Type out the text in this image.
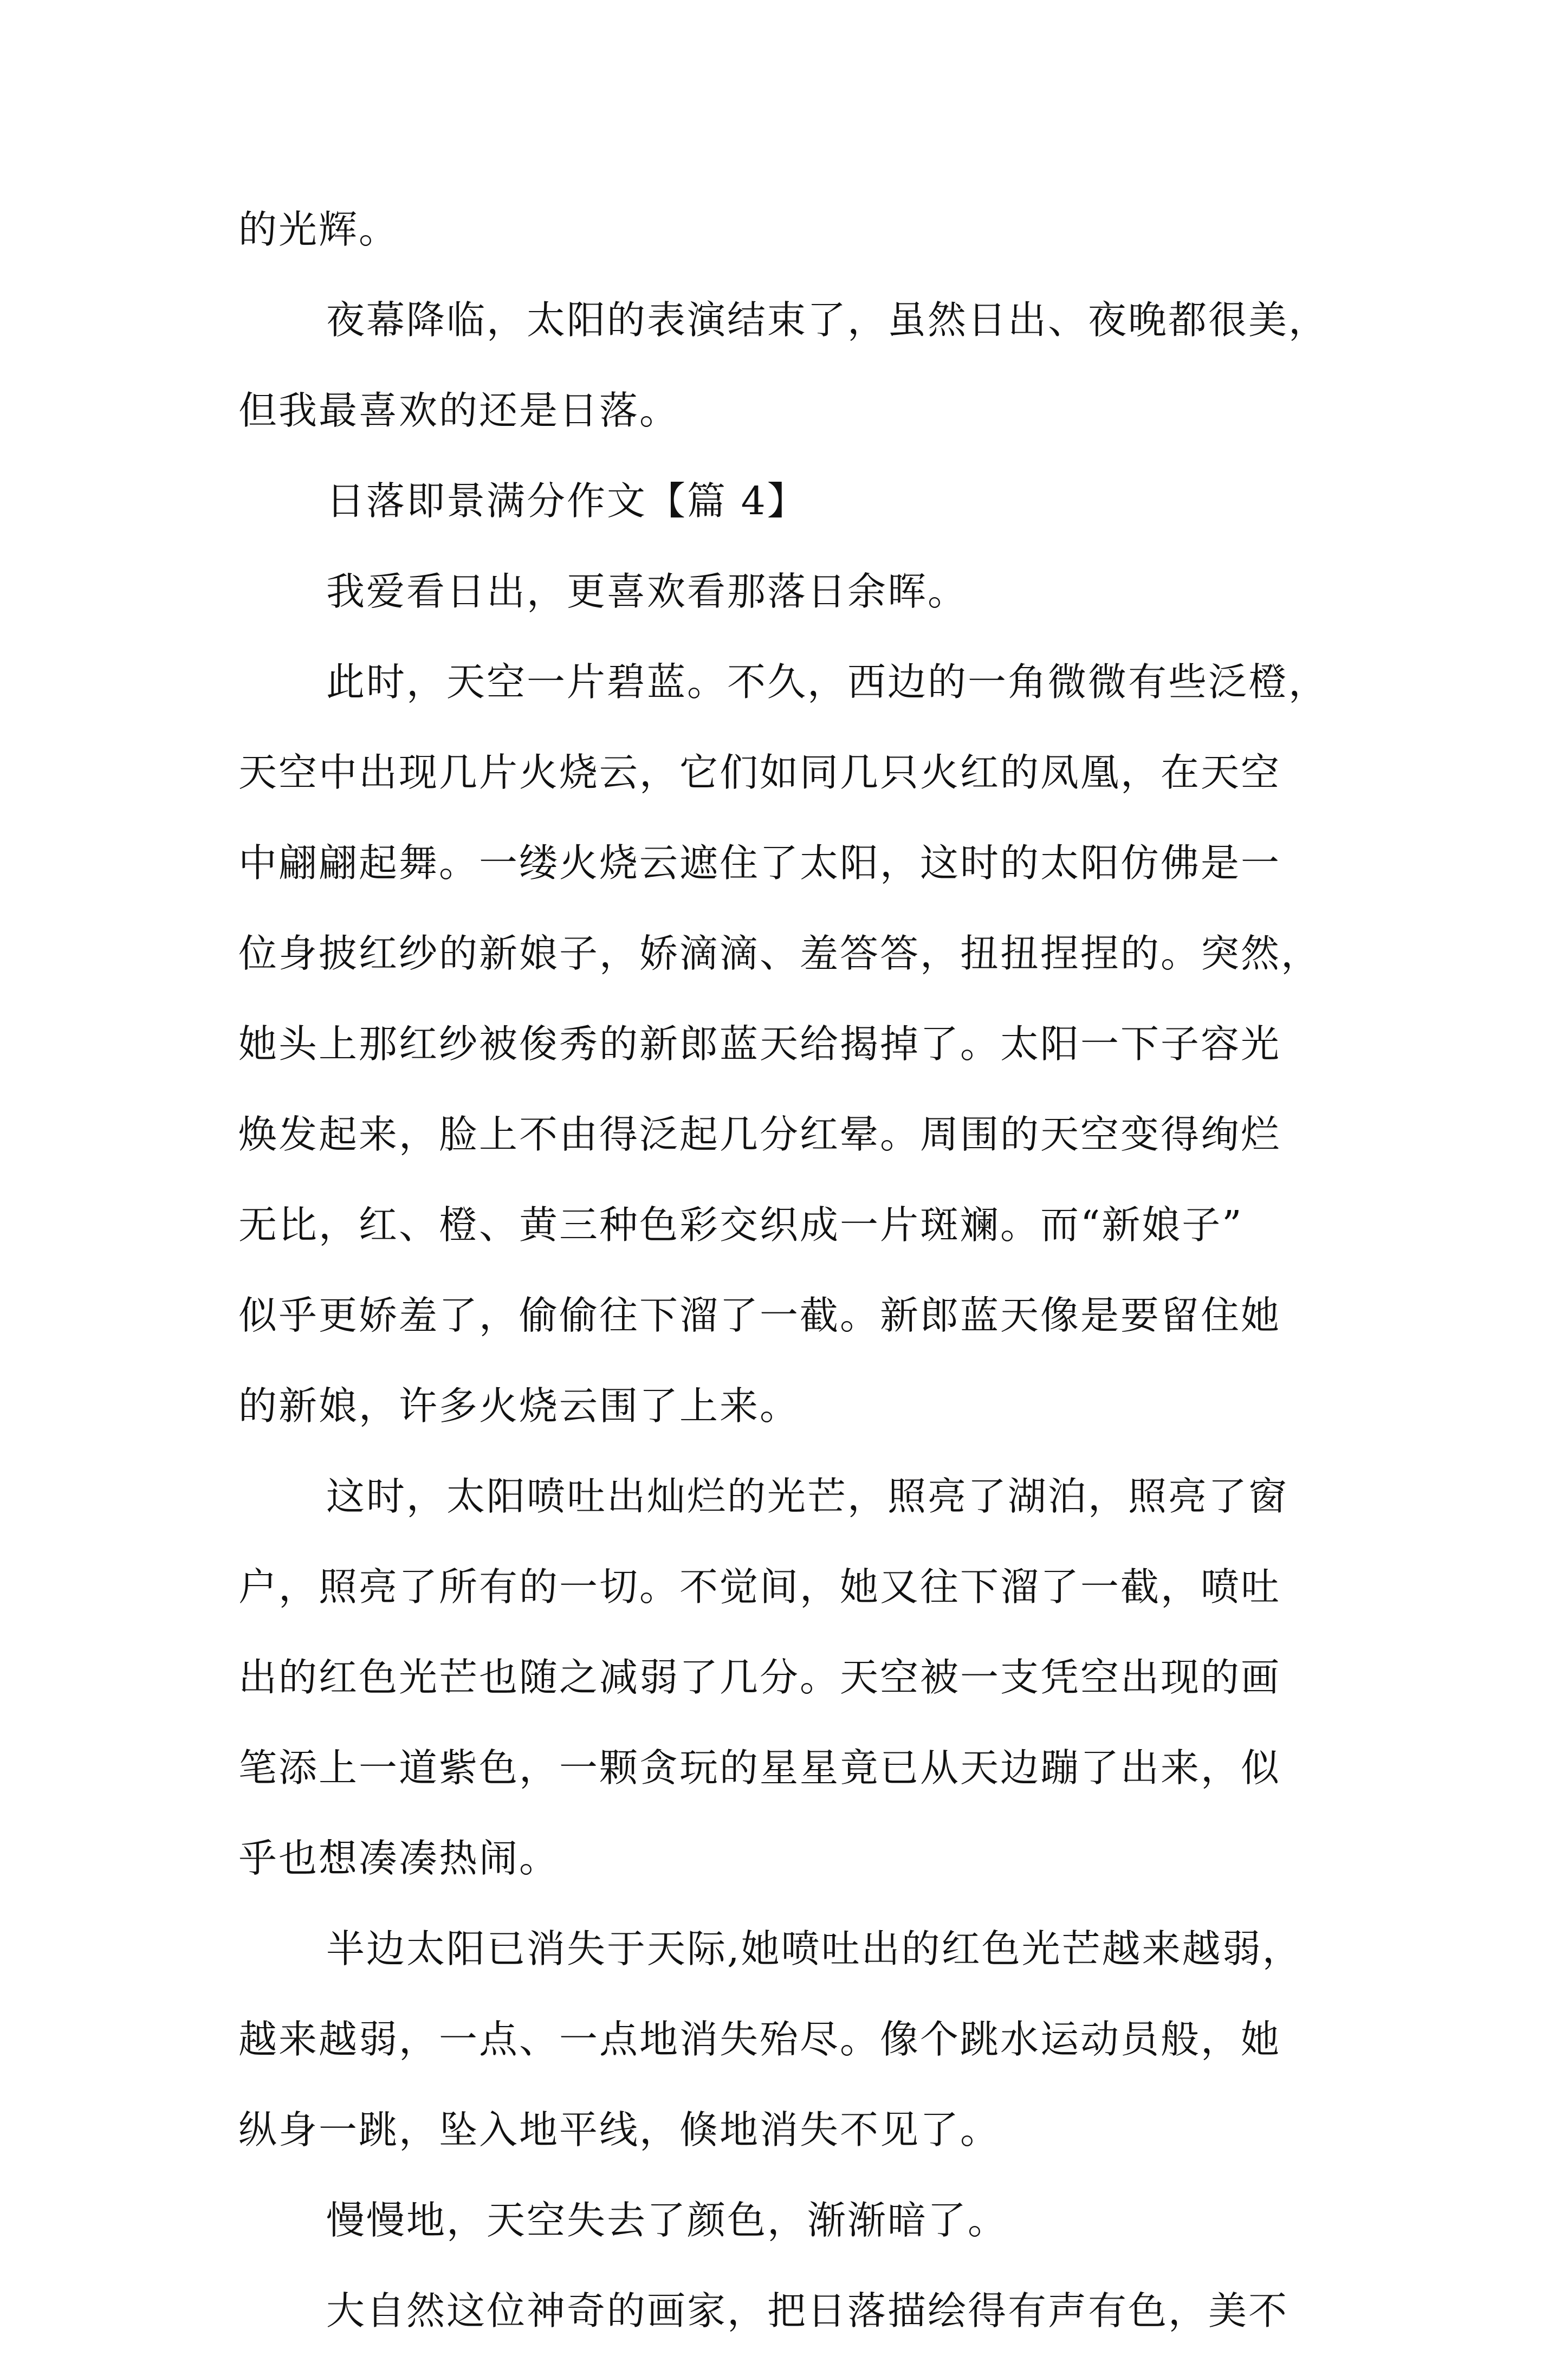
的光辉。
夜幕降临，太阳的表演结束了，虽然日出、夜晚都很美，
但我最喜欢的还是日落。
日落即景满分作文【篇 4】
我爱看日出，更喜欢看那落日余晖。
此时，天空一片碧蓝。不久，西边的一角微微有些泛橙，
天空中出现几片火烧云，它们如同几只火红的凤凰，在天空
中翩翩起舞。一缕火烧云遮住了太阳，这时的太阳仿佛是一
位身披红纱的新娘子，娇滴滴、羞答答，扭扭捏捏的。突然，
她头上那红纱被俊秀的新郎蓝天给揭掉了。太阳一下子容光
焕发起来，脸上不由得泛起几分红晕。周围的天空变得绚烂
无比，红、橙、黄三种色彩交织成一片斑斓。而“新娘子”
似乎更娇羞了，偷偷往下溜了一截。新郎蓝天像是要留住她
的新娘，许多火烧云围了上来。
这时，太阳喷吐出灿烂的光芒，照亮了湖泊，照亮了窗
户，照亮了所有的一切。不觉间，她又往下溜了一截，喷吐
出的红色光芒也随之减弱了几分。天空被一支凭空出现的画
笔添上一道紫色，一颗贪玩的星星竟已从天边蹦了出来，似
乎也想凑凑热闹。
半边太阳已消失于天际,她喷吐出的红色光芒越来越弱，
越来越弱，一点、一点地消失殆尽。像个跳水运动员般，她
纵身一跳，坠入地平线，倏地消失不见了。
慢慢地，天空失去了颜色，渐渐暗了。
大自然这位神奇的画家，把日落描绘得有声有色，美不
